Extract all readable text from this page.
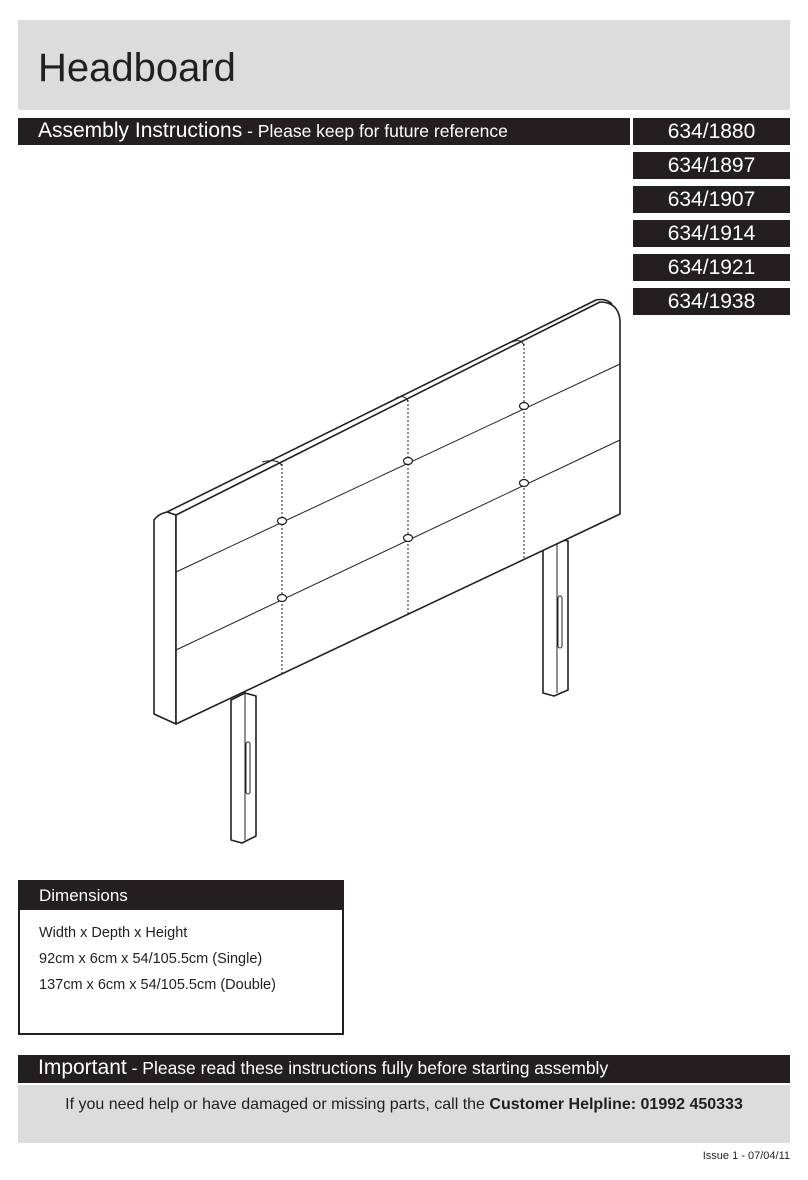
Headboard
Assembly Instructions - Please keep for future reference	634/1880
634/1897
634/1907
634/1914
634/1921
634/1938
Dimensions
Width x Depth x Height
92cm x 6cm x 54/105.5cm (Single)
137cm x 6cm x 54/105.5cm (Double)
Important - Please read these instructions fully before starting assembly
If you need help or have damaged or missing parts, call the Customer Helpline: 01992 450333
Issue 1 - 07/04/11
